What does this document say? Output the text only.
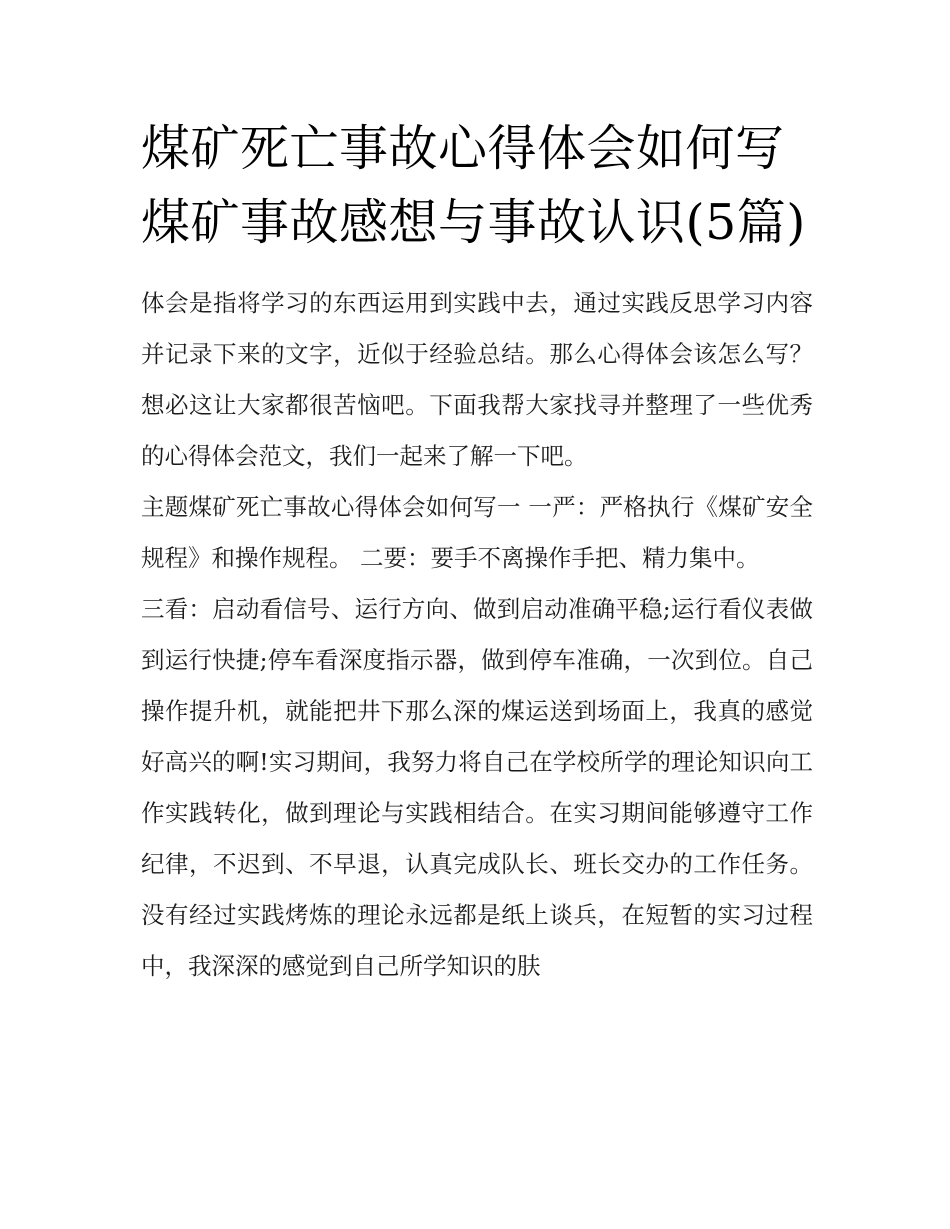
煤矿死亡事故心得体会如何写煤矿事故感想与事故认识(5篇)

体会是指将学习的东西运用到实践中去，通过实践反思学习内容并记录下来的文字，近似于经验总结。那么心得体会该怎么写？想必这让大家都很苦恼吧。下面我帮大家找寻并整理了一些优秀的心得体会范文，我们一起来了解一下吧。

主题煤矿死亡事故心得体会如何写一 一严：严格执行《煤矿安全规程》和操作规程。 二要：要手不离操作手把、精力集中。

三看：启动看信号、运行方向、做到启动准确平稳;运行看仪表做到运行快捷;停车看深度指示器，做到停车准确，一次到位。自己操作提升机，就能把井下那么深的煤运送到场面上，我真的感觉好高兴的啊!实习期间，我努力将自己在学校所学的理论知识向工作实践转化，做到理论与实践相结合。在实习期间能够遵守工作纪律，不迟到、不早退，认真完成队长、班长交办的工作任务。没有经过实践烤炼的理论永远都是纸上谈兵，在短暂的实习过程中，我深深的感觉到自己所学知识的肤
